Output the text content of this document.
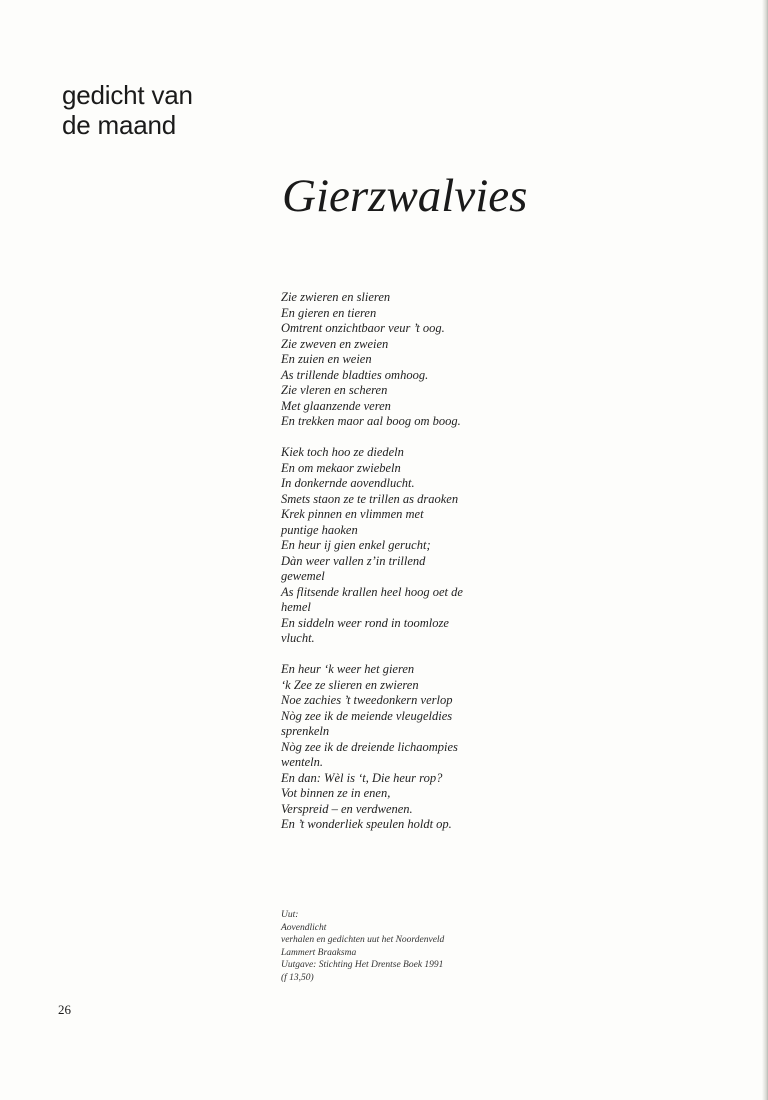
gedicht van
de maand
Gierzwalvies
Zie zwieren en slieren
En gieren en tieren
Omtrent onzichtbaor veur ’t oog.
Zie zweven en zweien
En zuien en weien
As trillende bladties omhoog.
Zie vleren en scheren
Met glaanzende veren
En trekken maor aal boog om boog.
Kiek toch hoo ze diedeln
En om mekaor zwiebeln
In donkernde aovendlucht.
Smets staon ze te trillen as draoken
Krek pinnen en vlimmen met
puntige haoken
En heur ij gien enkel gerucht;
Dàn weer vallen z’in trillend
gewemel
As flitsende krallen heel hoog oet de
hemel
En siddeln weer rond in toomloze
vlucht.
En heur ‘k weer het gieren
‘k Zee ze slieren en zwieren
Noe zachies ’t tweedonkern verlop
Nòg zee ik de meiende vleugeldies
sprenkeln
Nòg zee ik de dreiende lichaompies
wenteln.
En dan: Wèl is ‘t, Die heur rop?
Vot binnen ze in enen,
Verspreid – en verdwenen.
En ’t wonderliek speulen holdt op.
Uut:
Aovendlicht
verhalen en gedichten uut het Noordenveld
Lammert Braaksma
Uutgave: Stichting Het Drentse Boek 1991
(f 13,50)
26
